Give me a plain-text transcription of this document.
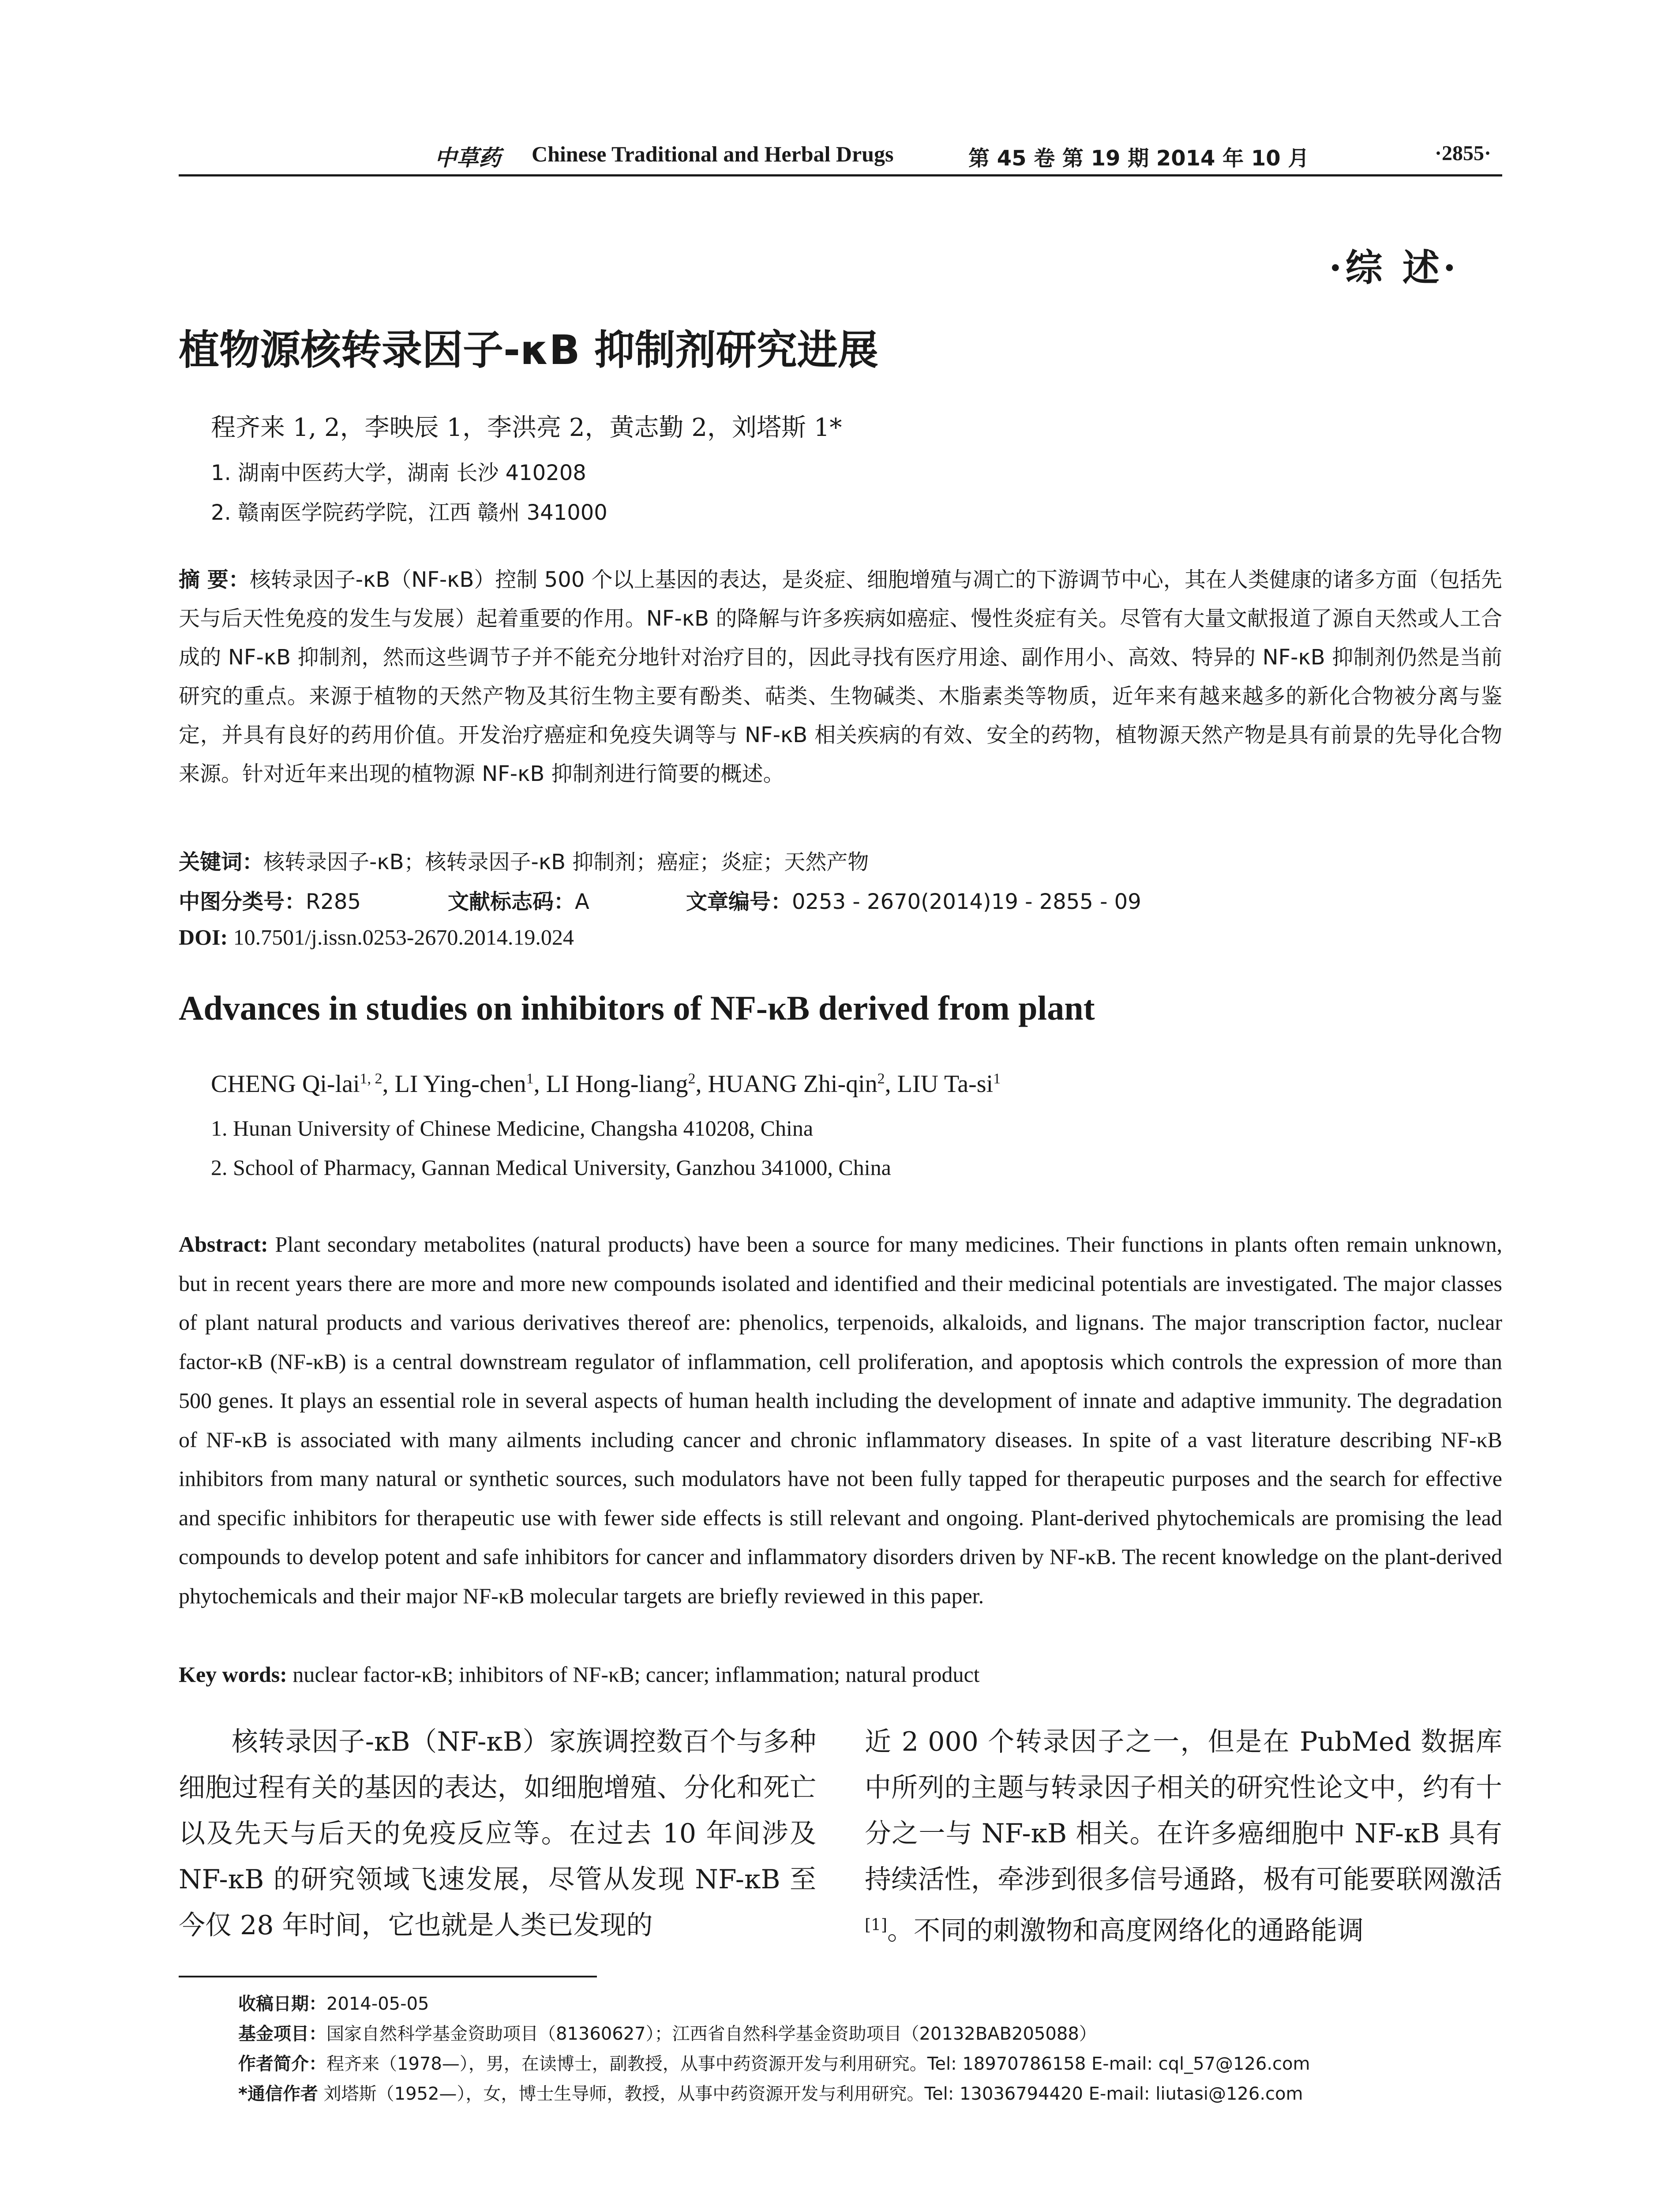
中草药 Chinese Traditional and Herbal Drugs	第 45 卷 第 19 期 2014 年 10 月	·2855·
·综 述·
植物源核转录因子-κB 抑制剂研究进展
程齐来 1, 2，李映辰 1，李洪亮 2，黄志勤 2，刘塔斯 1*
1. 湖南中医药大学，湖南 长沙 410208
2. 赣南医学院药学院，江西 赣州 341000
摘 要：核转录因子-κB（NF-κB）控制 500 个以上基因的表达，是炎症、细胞增殖与凋亡的下游调节中心，其在人类健康的诸多方面（包括先天与后天性免疫的发生与发展）起着重要的作用。NF-κB 的降解与许多疾病如癌症、慢性炎症有关。尽管有大量文献报道了源自天然或人工合成的 NF-κB 抑制剂，然而这些调节子并不能充分地针对治疗目的，因此寻找有医疗用途、副作用小、高效、特异的 NF-κB 抑制剂仍然是当前研究的重点。来源于植物的天然产物及其衍生物主要有酚类、萜类、生物碱类、木脂素类等物质，近年来有越来越多的新化合物被分离与鉴定，并具有良好的药用价值。开发治疗癌症和免疫失调等与 NF-κB 相关疾病的有效、安全的药物，植物源天然产物是具有前景的先导化合物来源。针对近年来出现的植物源 NF-κB 抑制剂进行简要的概述。
关键词：核转录因子-κB；核转录因子-κB 抑制剂；癌症；炎症；天然产物
中图分类号：R285	文献标志码：A	文章编号：0253 - 2670(2014)19 - 2855 - 09
DOI: 10.7501/j.issn.0253-2670.2014.19.024
Advances in studies on inhibitors of NF-κB derived from plant
CHENG Qi-lai$^{1, 2}$, LI Ying-chen$^1$, LI Hong-liang$^2$, HUANG Zhi-qin$^2$, LIU $Ta-si^1$
1. Hunan University of Chinese Medicine, Changsha 410208, China
2. School of Pharmacy, Gannan Medical University, Ganzhou 341000, China
Abstract: Plant secondary metabolites (natural products) have been a source for many medicines. Their functions in plants often remain unknown, but in recent years there are more and more new compounds isolated and identified and their medicinal potentials are investigated. The major classes of plant natural products and various derivatives thereof are: phenolics, terpenoids, alkaloids, and lignans. The major transcription factor, nuclear factor-κB (NF-κB) is a central downstream regulator of inflammation, cell proliferation, and apoptosis which controls the expression of more than 500 genes. It plays an essential role in several aspects of human health including the development of innate and adaptive immunity. The degradation of NF-κB is associated with many ailments including cancer and chronic inflammatory diseases. In spite of a vast literature describing NF-κB inhibitors from many natural or synthetic sources, such modulators have not been fully tapped for therapeutic purposes and the search for effective and specific inhibitors for therapeutic use with fewer side effects is still relevant and ongoing. Plant-derived phytochemicals are promising the lead compounds to develop potent and safe inhibitors for cancer and inflammatory disorders driven by NF-κB. The recent knowledge on the plant-derived phytochemicals and their major NF-κB molecular targets are briefly reviewed in this paper.
Key words: nuclear factor-κB; inhibitors of NF-κB; cancer; inflammation; natural product
核转录因子-κB（NF-κB）家族调控数百个与多种细胞过程有关的基因的表达，如细胞增殖、分化和死亡以及先天与后天的免疫反应等。在过去 10 年间涉及 NF-κB 的研究领域飞速发展，尽管从发现 NF-κB 至今仅 28 年时间，它也就是人类已发现的
近 2 000 个转录因子之一，但是在 PubMed 数据库中所列的主题与转录因子相关的研究性论文中，约有十分之一与 NF-κB 相关。在许多癌细胞中 NF-κB 具有持续活性，牵涉到很多信号通路，极有可能要联网激活[1]。不同的刺激物和高度网络化的通路能调
收稿日期：2014-05-05
基金项目：国家自然科学基金资助项目（81360627）；江西省自然科学基金资助项目（20132BAB205088）
作者简介：程齐来（1978—），男，在读博士，副教授，从事中药资源开发与利用研究。Tel: 18970786158 E-mail: cql_57@126.com
*通信作者 刘塔斯（1952—），女，博士生导师，教授，从事中药资源开发与利用研究。Tel: 13036794420 E-mail: liutasi@126.com
